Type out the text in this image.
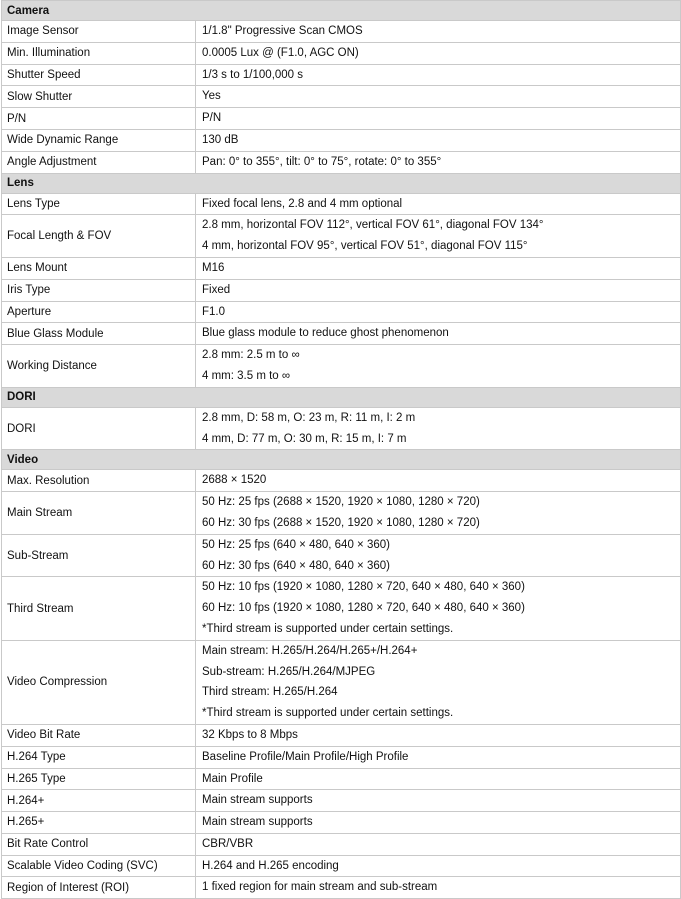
Camera	
Image Sensor	1/1.8" Progressive Scan CMOS

Min. Illumination	0.0005 Lux @ (F1.0, AGC ON)

Shutter Speed	1/3 s to 1/100,000 s

Slow Shutter	Yes

P/N	P/N

Wide Dynamic Range	130 dB

Angle Adjustment	Pan: 0° to 355°, tilt: 0° to 75°, rotate: 0° to 355°

Lens	
Lens Type	Fixed focal lens, 2.8 and 4 mm optional

Focal Length & FOV	2.8 mm, horizontal FOV 112°, vertical FOV 61°, diagonal FOV 134°
4 mm, horizontal FOV 95°, vertical FOV 51°, diagonal FOV 115°

Lens Mount	M16

Iris Type	Fixed

Aperture	F1.0

Blue Glass Module	Blue glass module to reduce ghost phenomenon

Working Distance	2.8 mm: 2.5 m to ∞
4 mm: 3.5 m to ∞

DORI	
DORI	2.8 mm, D: 58 m, O: 23 m, R: 11 m, I: 2 m
4 mm, D: 77 m, O: 30 m, R: 15 m, I: 7 m

Video	
Max. Resolution	2688 × 1520

Main Stream	50 Hz: 25 fps (2688 × 1520, 1920 × 1080, 1280 × 720)
60 Hz: 30 fps (2688 × 1520, 1920 × 1080, 1280 × 720)

Sub-Stream	50 Hz: 25 fps (640 × 480, 640 × 360)
60 Hz: 30 fps (640 × 480, 640 × 360)

Third Stream	50 Hz: 10 fps (1920 × 1080, 1280 × 720, 640 × 480, 640 × 360)
60 Hz: 10 fps (1920 × 1080, 1280 × 720, 640 × 480, 640 × 360)
*Third stream is supported under certain settings.

Video Compression	Main stream: H.265/H.264/H.265+/H.264+
Sub-stream: H.265/H.264/MJPEG
Third stream: H.265/H.264
*Third stream is supported under certain settings.

Video Bit Rate	32 Kbps to 8 Mbps

H.264 Type	Baseline Profile/Main Profile/High Profile

H.265 Type	Main Profile

H.264+	Main stream supports

H.265+	Main stream supports

Bit Rate Control	CBR/VBR

Scalable Video Coding (SVC)	H.264 and H.265 encoding

Region of Interest (ROI)	1 fixed region for main stream and sub-stream
